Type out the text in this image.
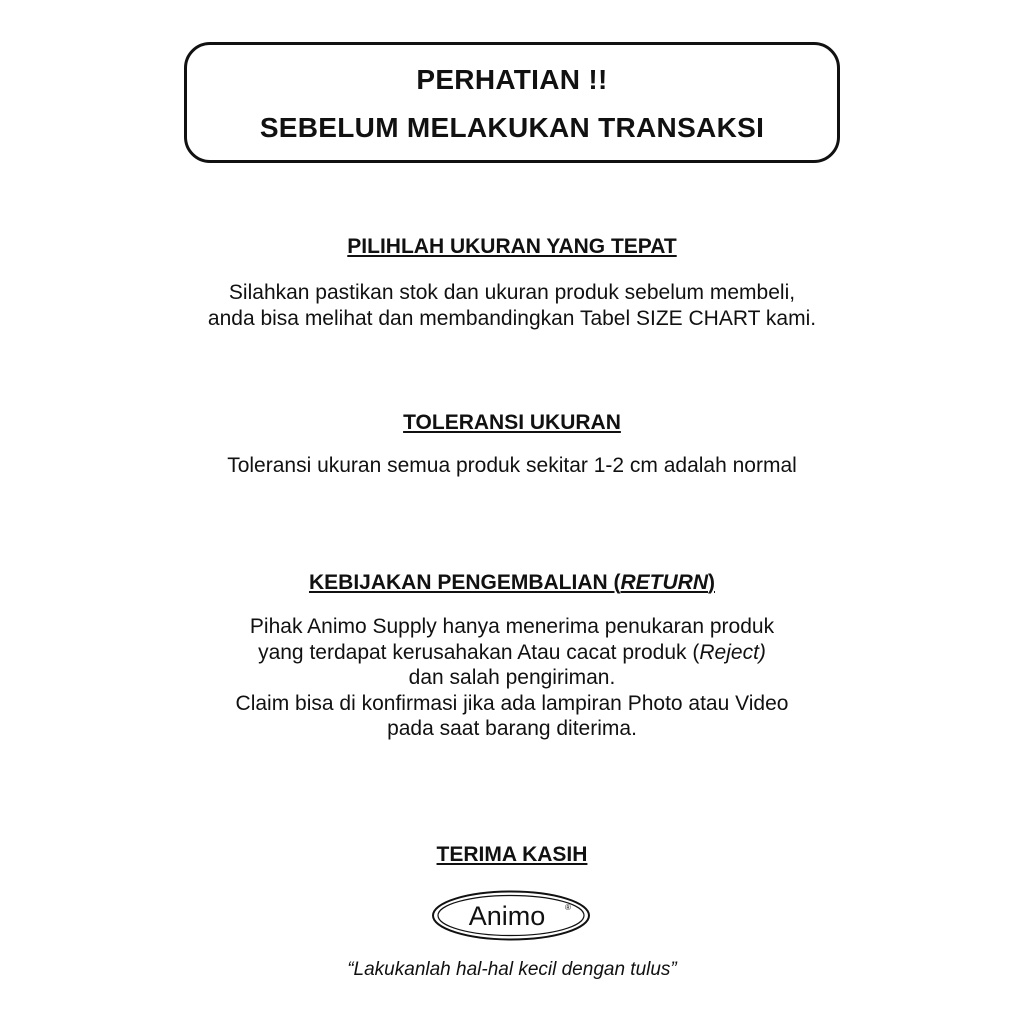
PERHATIAN !!
SEBELUM MELAKUKAN TRANSAKSI
PILIHLAH UKURAN YANG TEPAT
Silahkan pastikan stok dan ukuran produk sebelum membeli,
anda bisa melihat dan membandingkan Tabel SIZE CHART kami.
TOLERANSI UKURAN
Toleransi ukuran semua produk sekitar 1-2 cm adalah normal
KEBIJAKAN PENGEMBALIAN (RETURN)
Pihak Animo Supply hanya menerima penukaran produk
yang terdapat kerusahakan Atau cacat produk (Reject)
dan salah pengiriman.
Claim bisa di konfirmasi jika ada lampiran Photo atau Video
pada saat barang diterima.
TERIMA KASIH
Animo ®
“Lakukanlah hal-hal kecil dengan tulus”
